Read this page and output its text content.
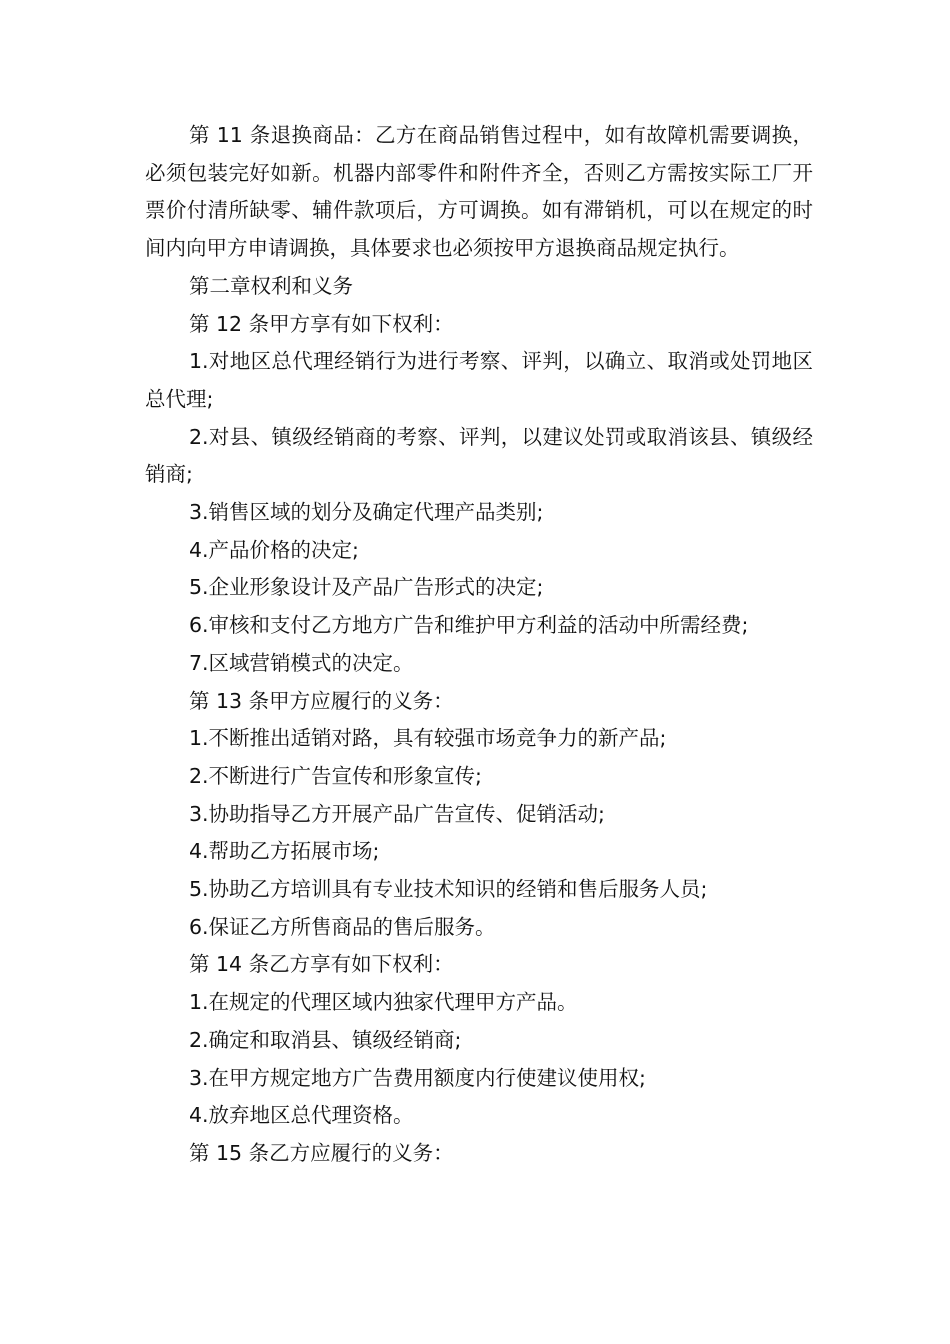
第 11 条退换商品：乙方在商品销售过程中，如有故障机需要调换，必须包装完好如新。机器内部零件和附件齐全，否则乙方需按实际工厂开票价付清所缺零、辅件款项后，方可调换。如有滞销机，可以在规定的时间内向甲方申请调换，具体要求也必须按甲方退换商品规定执行。

第二章权利和义务

第 12 条甲方享有如下权利：

1.对地区总代理经销行为进行考察、评判，以确立、取消或处罚地区总代理;

2.对县、镇级经销商的考察、评判，以建议处罚或取消该县、镇级经销商;

3.销售区域的划分及确定代理产品类别;

4.产品价格的决定;

5.企业形象设计及产品广告形式的决定;

6.审核和支付乙方地方广告和维护甲方利益的活动中所需经费;

7.区域营销模式的决定。

第 13 条甲方应履行的义务：

1.不断推出适销对路，具有较强市场竞争力的新产品;

2.不断进行广告宣传和形象宣传;

3.协助指导乙方开展产品广告宣传、促销活动;

4.帮助乙方拓展市场;

5.协助乙方培训具有专业技术知识的经销和售后服务人员;

6.保证乙方所售商品的售后服务。

第 14 条乙方享有如下权利：

1.在规定的代理区域内独家代理甲方产品。

2.确定和取消县、镇级经销商;

3.在甲方规定地方广告费用额度内行使建议使用权;

4.放弃地区总代理资格。

第 15 条乙方应履行的义务：
